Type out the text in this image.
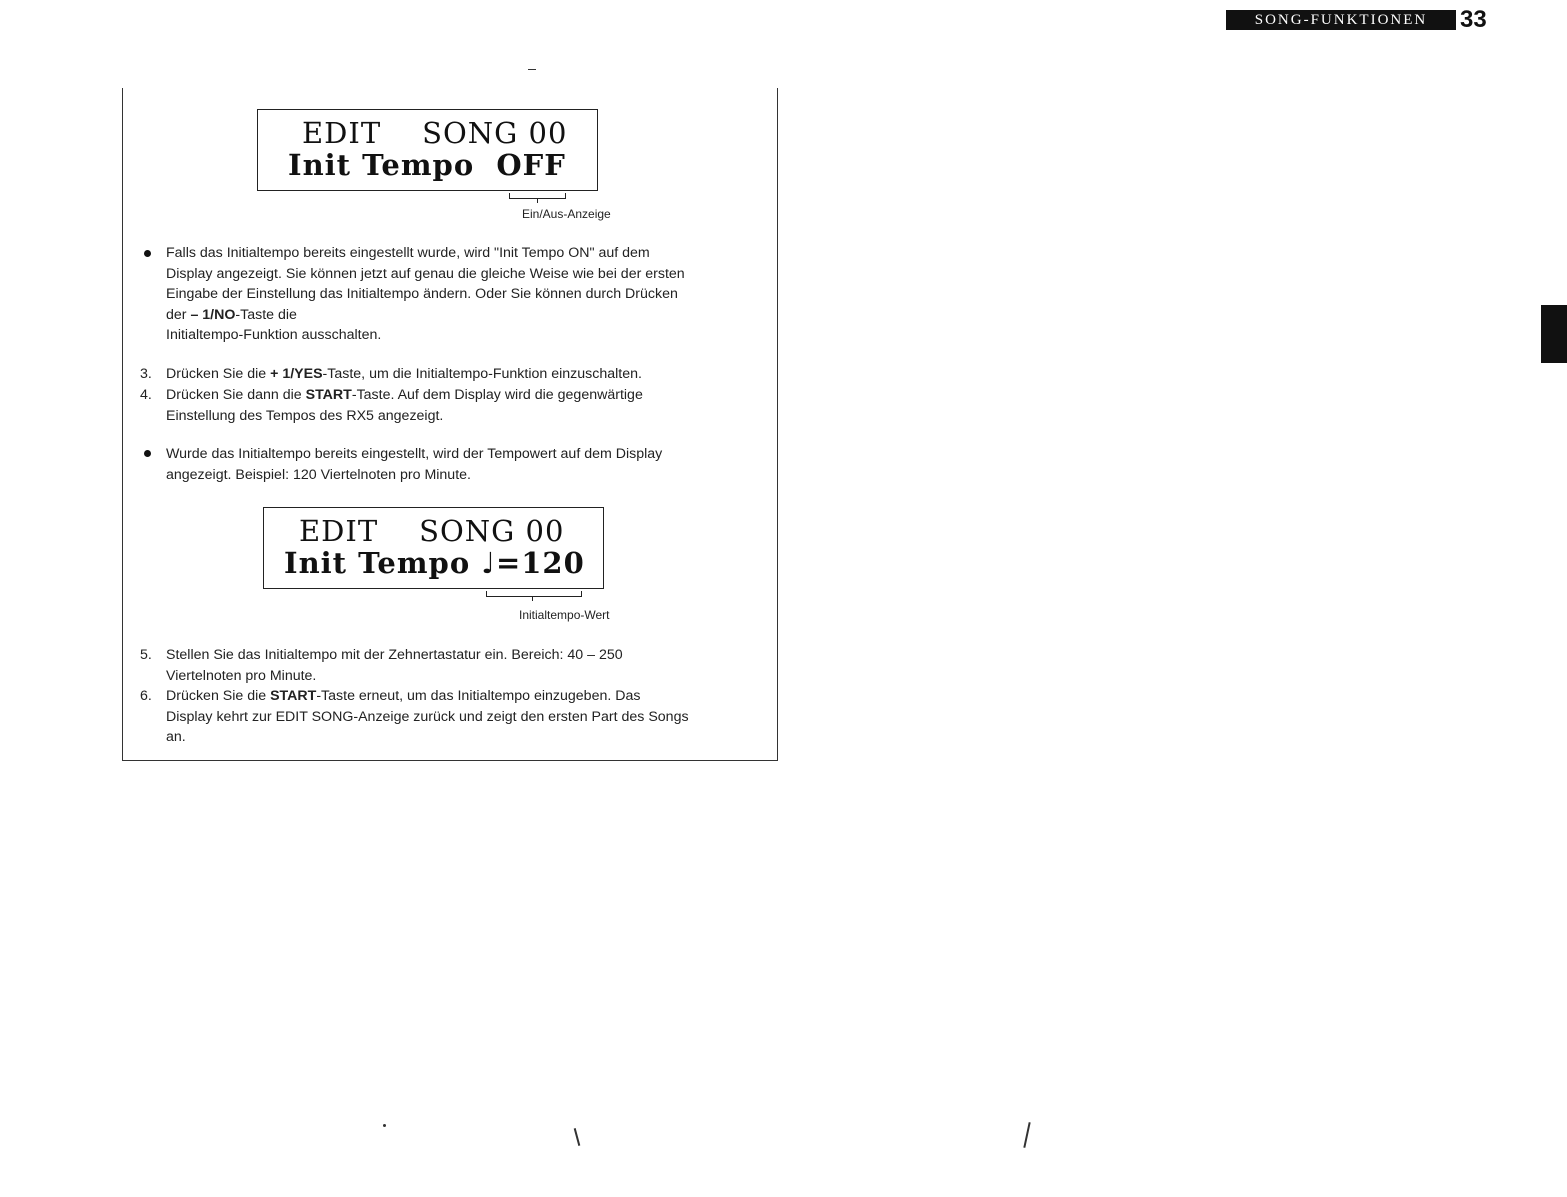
SONG-FUNKTIONEN	33
EDIT    SONG 00
Init Tempo  OFF
Ein/Aus-Anzeige
Falls das Initialtempo bereits eingestellt wurde, wird "Init Tempo ON" auf dem
Display angezeigt. Sie können jetzt auf genau die gleiche Weise wie bei der ersten
Eingabe der Einstellung das Initialtempo ändern. Oder Sie können durch Drücken
der – 1/NO-Taste die
Initialtempo-Funktion ausschalten.
3. Drücken Sie die + 1/YES-Taste, um die Initialtempo-Funktion einzuschalten.
4. Drücken Sie dann die START-Taste. Auf dem Display wird die gegenwärtige
Einstellung des Tempos des RX5 angezeigt.
Wurde das Initialtempo bereits eingestellt, wird der Tempowert auf dem Display
angezeigt. Beispiel: 120 Viertelnoten pro Minute.
EDIT    SONG 00
Init Tempo ♩=120
Initialtempo-Wert
5. Stellen Sie das Initialtempo mit der Zehnertastatur ein. Bereich: 40 – 250
Viertelnoten pro Minute.
6. Drücken Sie die START-Taste erneut, um das Initialtempo einzugeben. Das
Display kehrt zur EDIT SONG-Anzeige zurück und zeigt den ersten Part des Songs
an.
